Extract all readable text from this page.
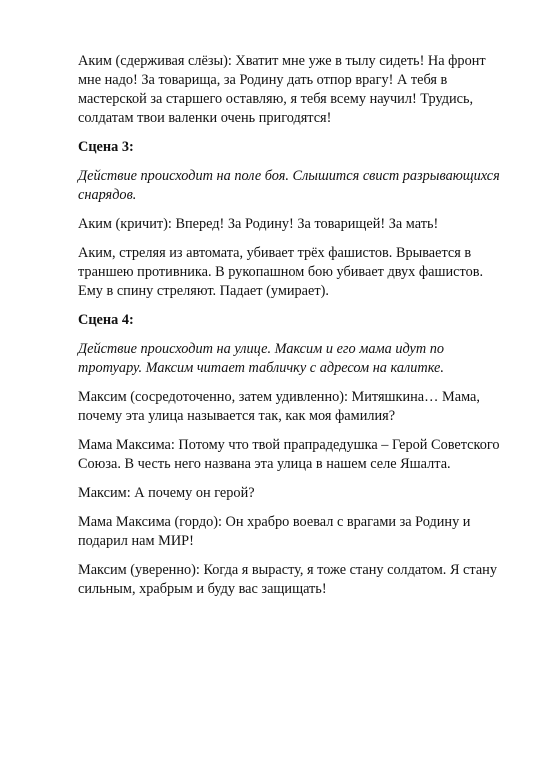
Аким (сдерживая слёзы): Хватит мне уже в тылу сидеть! На фронт мне надо! За товарища, за Родину дать отпор врагу! А тебя в мастерской за старшего оставляю, я тебя всему научил! Трудись, солдатам твои валенки очень пригодятся!

Сцена 3:

Действие происходит на поле боя. Слышится свист разрывающихся снарядов.

Аким (кричит): Вперед! За Родину! За товарищей! За мать!

Аким, стреляя из автомата, убивает трёх фашистов. Врывается в траншею противника. В рукопашном бою убивает двух фашистов. Ему в спину стреляют. Падает (умирает).

Сцена 4:

Действие происходит на улице. Максим и его мама идут по тротуару. Максим читает табличку с адресом на калитке.

Максим (сосредоточенно, затем удивленно): Митяшкина… Мама, почему эта улица называется так, как моя фамилия?

Мама Максима: Потому что твой прапрадедушка – Герой Советского Союза. В честь него названа эта улица в нашем селе Яшалта.

Максим: А почему он герой?

Мама Максима (гордо): Он храбро воевал с врагами за Родину и подарил нам МИР!

Максим (уверенно): Когда я вырасту, я тоже стану солдатом. Я стану сильным, храбрым и буду вас защищать!
